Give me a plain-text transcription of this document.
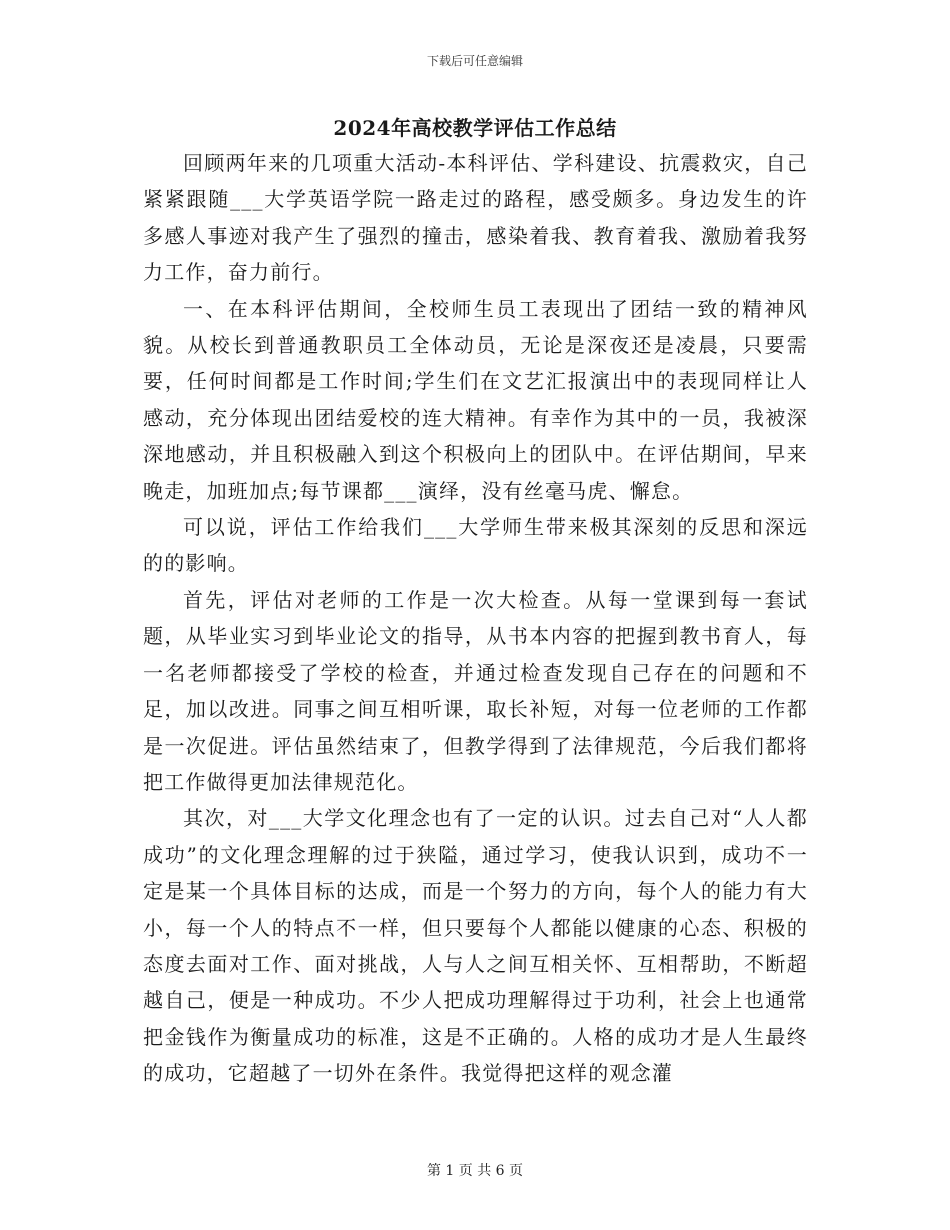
下载后可任意编辑
2024年高校教学评估工作总结

回顾两年来的几项重大活动-本科评估、学科建设、抗震救灾，自己紧紧跟随___大学英语学院一路走过的路程，感受颇多。身边发生的许多感人事迹对我产生了强烈的撞击，感染着我、教育着我、激励着我努力工作，奋力前行。

一、在本科评估期间，全校师生员工表现出了团结一致的精神风貌。从校长到普通教职员工全体动员，无论是深夜还是凌晨，只要需要，任何时间都是工作时间;学生们在文艺汇报演出中的表现同样让人感动，充分体现出团结爱校的连大精神。有幸作为其中的一员，我被深深地感动，并且积极融入到这个积极向上的团队中。在评估期间，早来晚走，加班加点;每节课都___演绎，没有丝毫马虎、懈怠。

可以说，评估工作给我们___大学师生带来极其深刻的反思和深远的的影响。

首先，评估对老师的工作是一次大检查。从每一堂课到每一套试题，从毕业实习到毕业论文的指导，从书本内容的把握到教书育人，每一名老师都接受了学校的检查，并通过检查发现自己存在的问题和不足，加以改进。同事之间互相听课，取长补短，对每一位老师的工作都是一次促进。评估虽然结束了，但教学得到了法律规范，今后我们都将把工作做得更加法律规范化。

其次，对___大学文化理念也有了一定的认识。过去自己对“人人都成功”的文化理念理解的过于狭隘，通过学习，使我认识到，成功不一定是某一个具体目标的达成，而是一个努力的方向，每个人的能力有大小，每一个人的特点不一样，但只要每个人都能以健康的心态、积极的态度去面对工作、面对挑战，人与人之间互相关怀、互相帮助，不断超越自己，便是一种成功。不少人把成功理解得过于功利，社会上也通常把金钱作为衡量成功的标准，这是不正确的。人格的成功才是人生最终的成功，它超越了一切外在条件。我觉得把这样的观念灌

第 1 页 共 6 页
